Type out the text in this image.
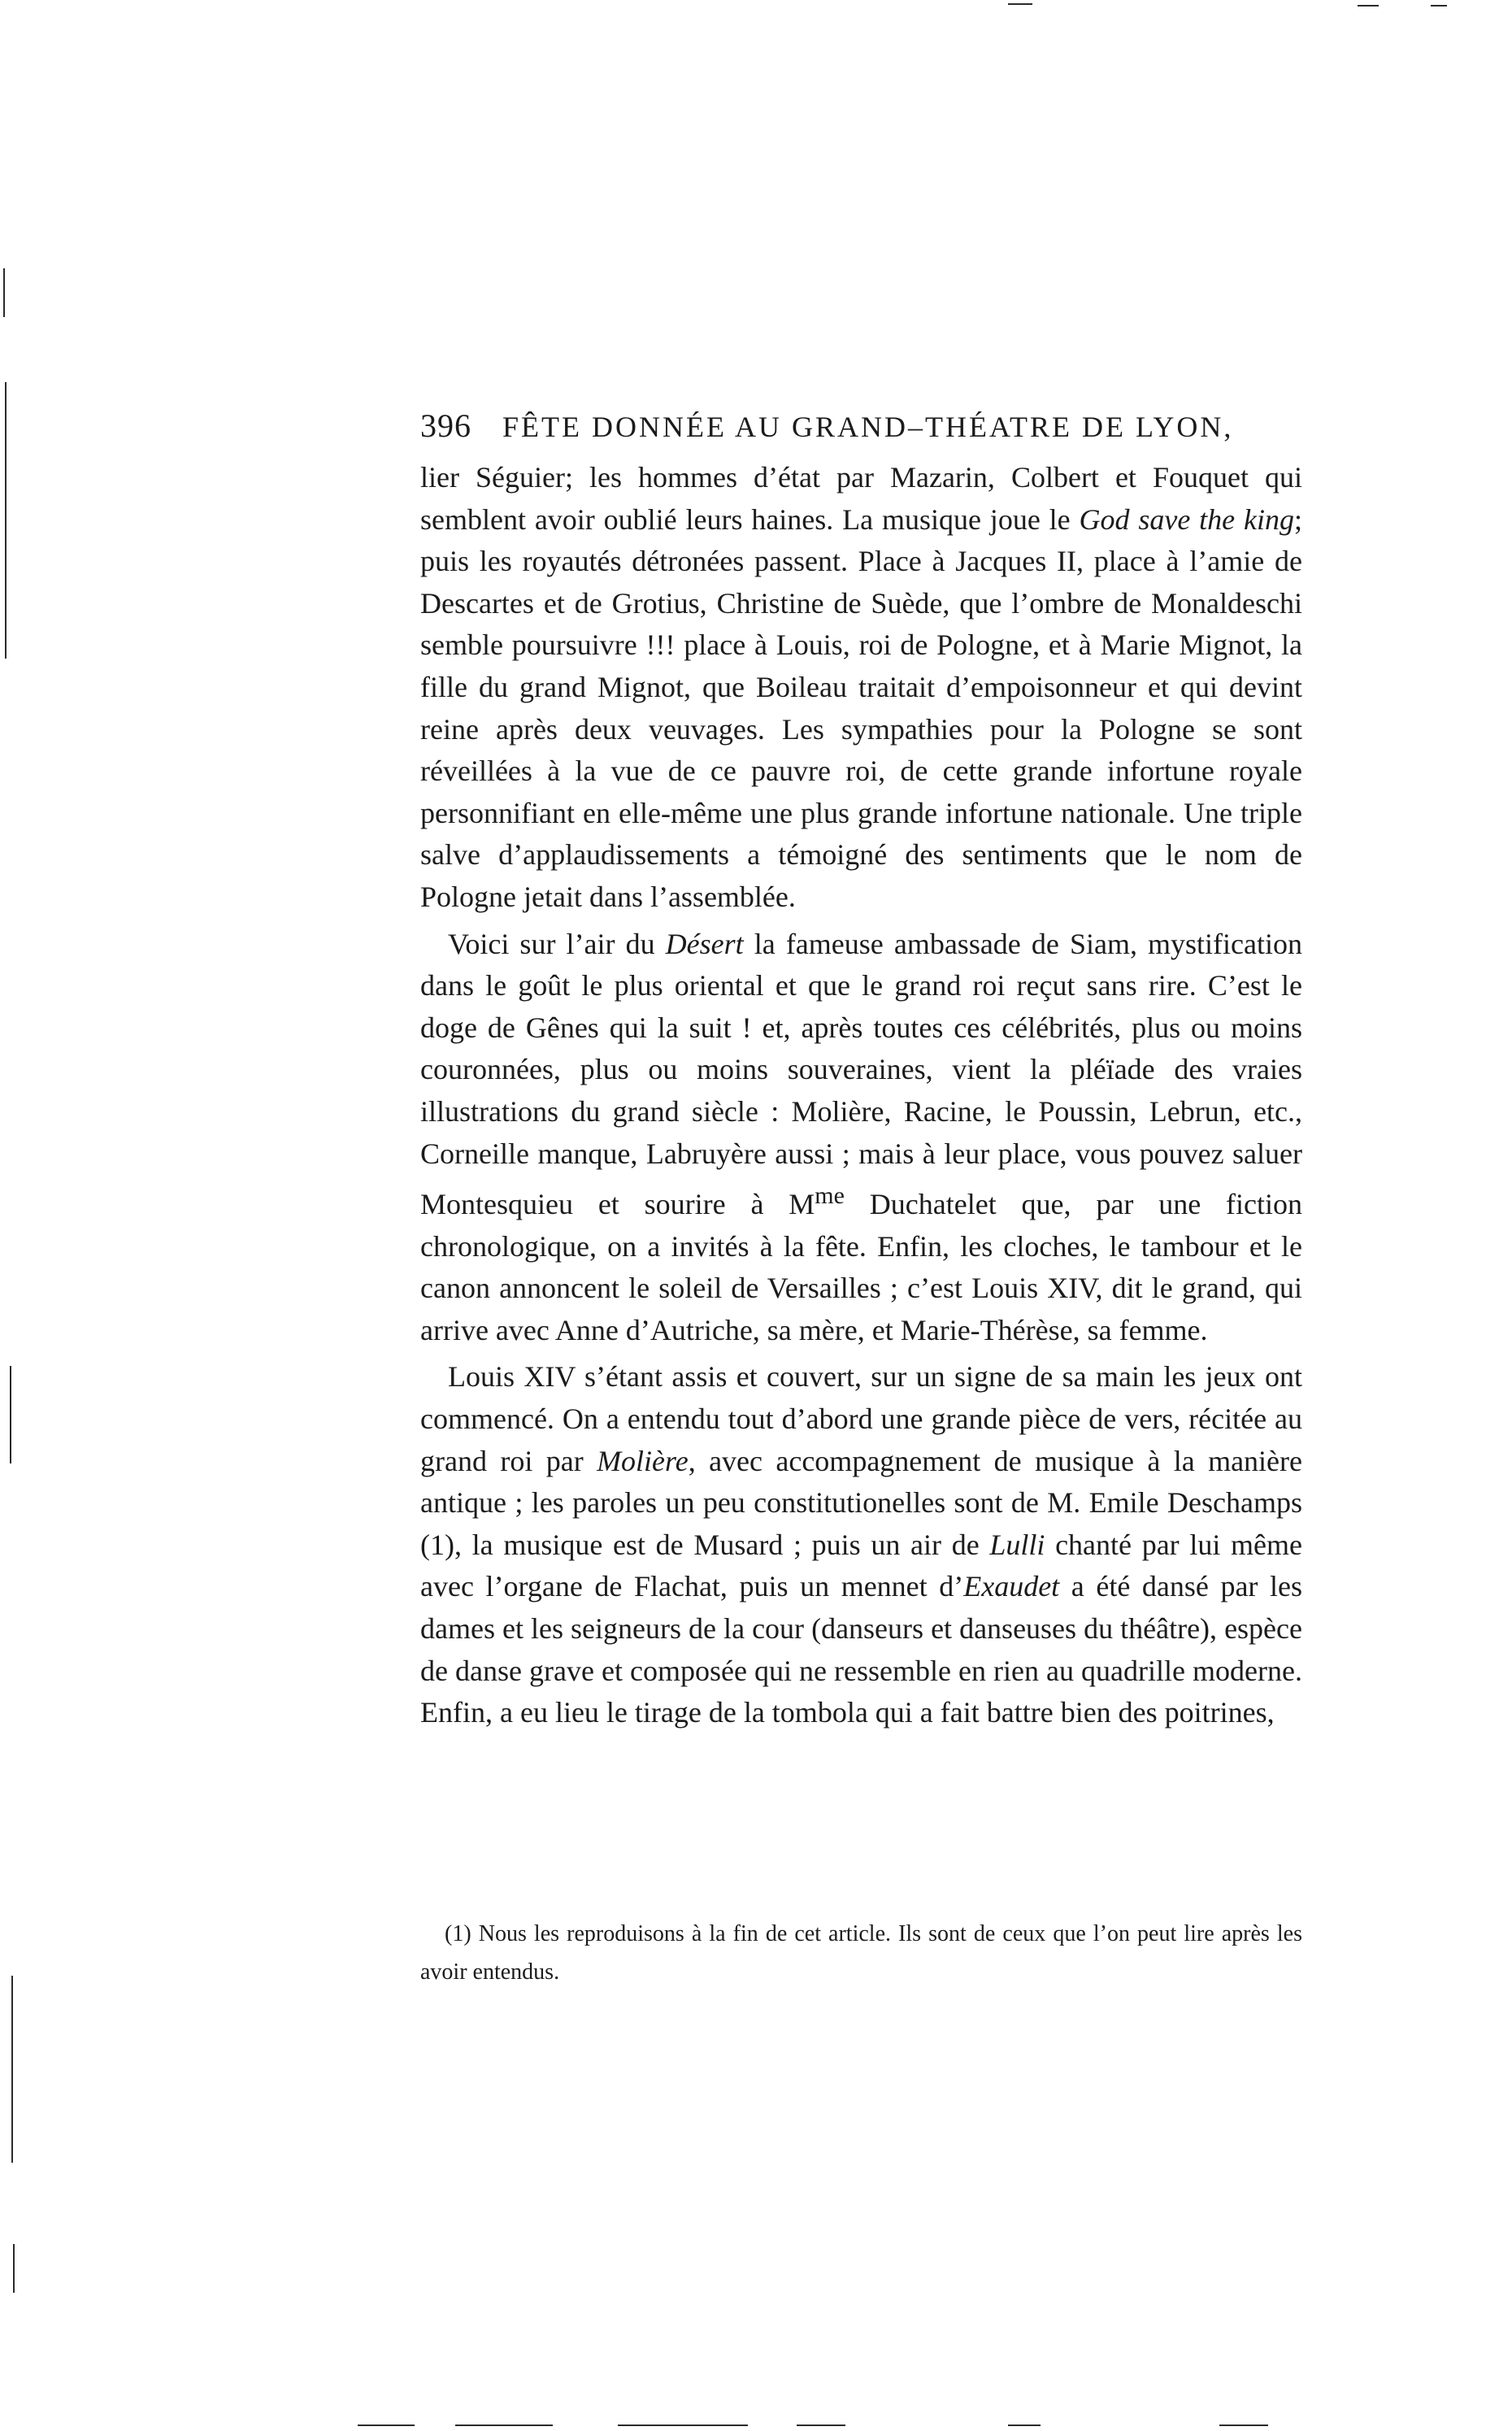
396 FÊTE DONNÉE AU GRAND–THÉATRE DE LYON,

lier Séguier; les hommes d’état par Mazarin, Colbert et Fouquet qui semblent avoir oublié leurs haines. La musique joue le God save the king; puis les royautés détronées passent. Place à Jacques II, place à l’amie de Descartes et de Grotius, Christine de Suède, que l’ombre de Monaldeschi semble poursuivre !!! place à Louis, roi de Pologne, et à Marie Mignot, la fille du grand Mignot, que Boileau traitait d’empoisonneur et qui devint reine après deux veuvages. Les sympathies pour la Pologne se sont réveillées à la vue de ce pauvre roi, de cette grande infortune royale personnifiant en elle-même une plus grande infortune nationale. Une triple salve d’applaudissements a témoigné des sentiments que le nom de Pologne jetait dans l’assemblée.

Voici sur l’air du Désert la fameuse ambassade de Siam, mystification dans le goût le plus oriental et que le grand roi reçut sans rire. C’est le doge de Gênes qui la suit ! et, après toutes ces célébrités, plus ou moins couronnées, plus ou moins souveraines, vient la pléïade des vraies illustrations du grand siècle : Molière, Racine, le Poussin, Lebrun, etc., Corneille manque, Labruyère aussi ; mais à leur place, vous pouvez saluer Montesquieu et sourire à $M^{me}$ Duchatelet que, par une fiction chronologique, on a invités à la fête. Enfin, les cloches, le tambour et le canon annoncent le soleil de Versailles ; c’est Louis XIV, dit le grand, qui arrive avec Anne d’Autriche, sa mère, et Marie-Thérèse, sa femme.

Louis XIV s’étant assis et couvert, sur un signe de sa main les jeux ont commencé. On a entendu tout d’abord une grande pièce de vers, récitée au grand roi par Molière, avec accompagnement de musique à la manière antique ; les paroles un peu constitutionelles sont de M. Emile Deschamps (1), la musique est de Musard ; puis un air de Lulli chanté par lui même avec l’organe de Flachat, puis un mennet d’Exaudet a été dansé par les dames et les seigneurs de la cour (danseurs et danseuses du théâtre), espèce de danse grave et composée qui ne ressemble en rien au quadrille moderne. Enfin, a eu lieu le tirage de la tombola qui a fait battre bien des poitrines,

(1) Nous les reproduisons à la fin de cet article. Ils sont de ceux que l’on peut lire après les avoir entendus.
